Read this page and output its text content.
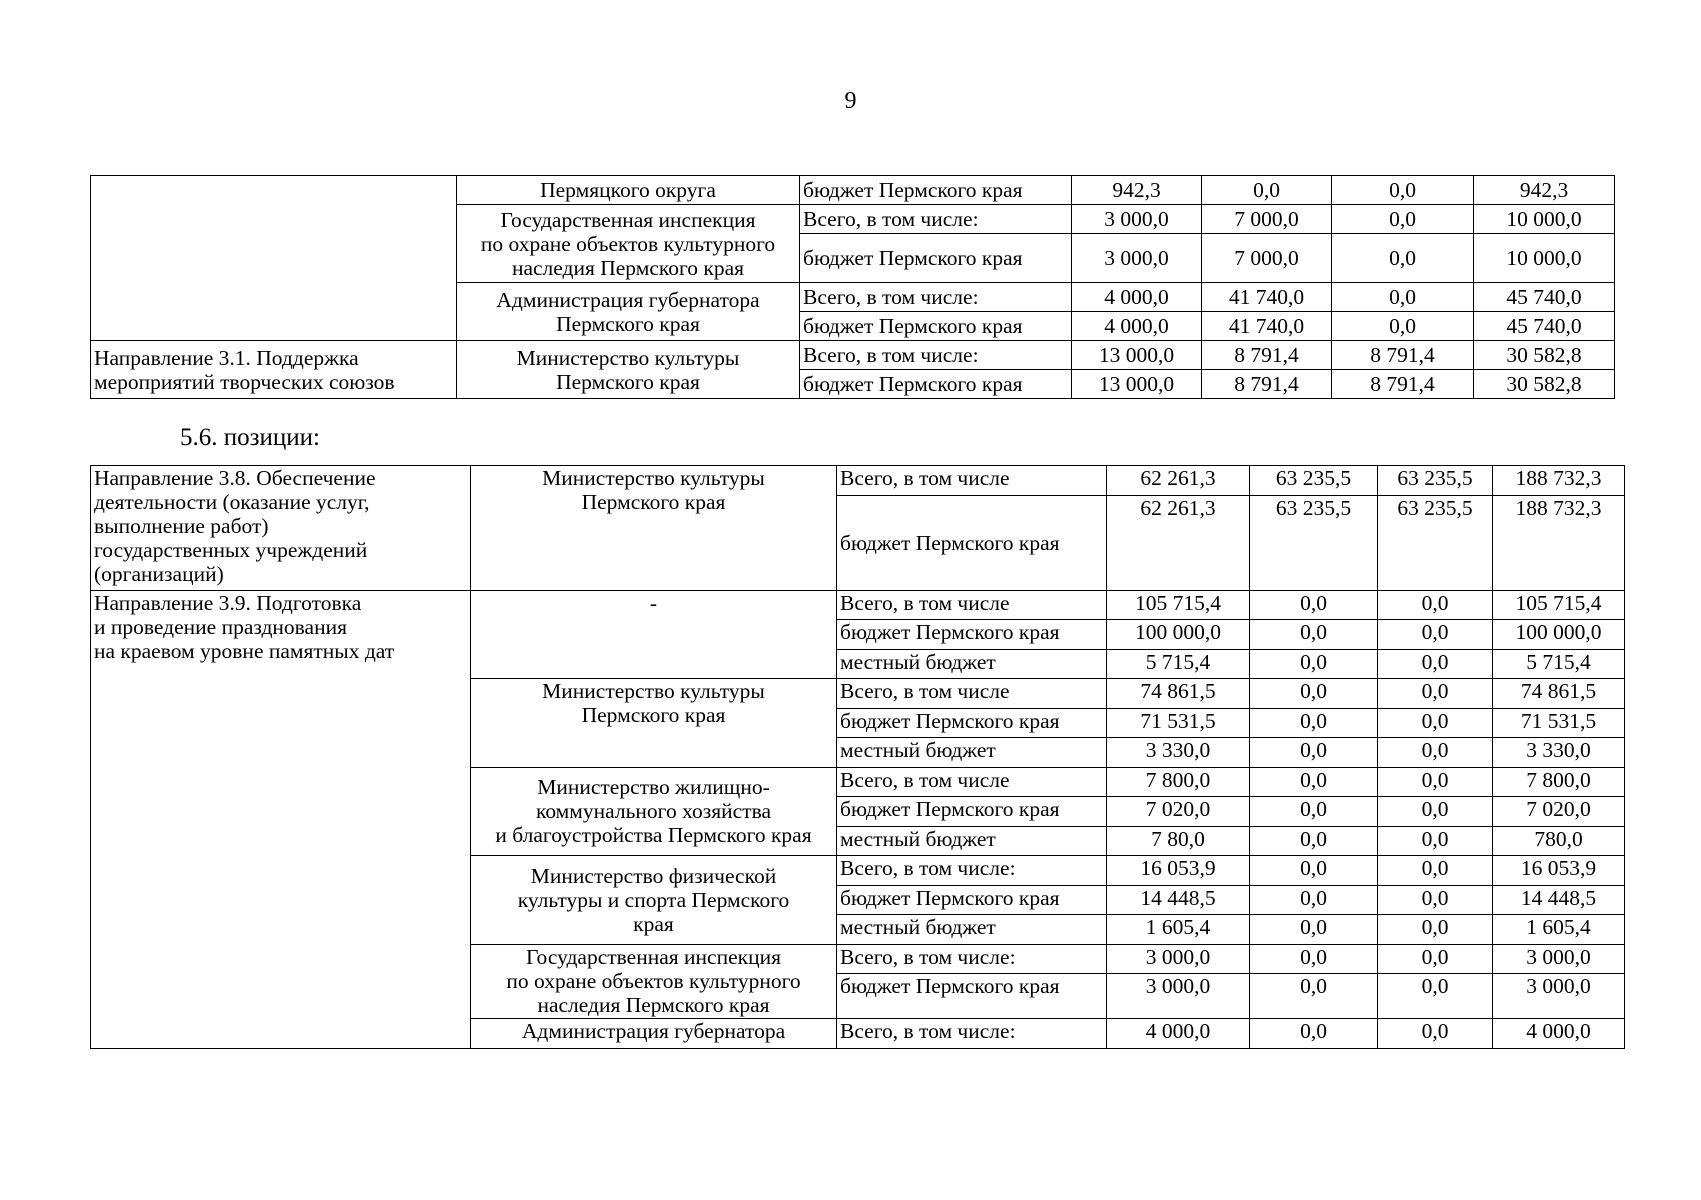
9
	Пермяцкого округа	бюджет Пермского края	942,3	0,0	0,0	942,3

	Государственная инспекция
по охране объектов культурного
наследия Пермского края	Всего, в том числе:	3 000,0	7 000,0	0,0	10 000,0
		бюджет Пермского края	3 000,0	7 000,0	0,0	10 000,0

	Администрация губернатора
Пермского края	Всего, в том числе:	4 000,0	41 740,0	0,0	45 740,0
		бюджет Пермского края	4 000,0	41 740,0	0,0	45 740,0

Направление 3.1. Поддержка
мероприятий творческих союзов	Министерство культуры
Пермского края	Всего, в том числе:	13 000,0	8 791,4	8 791,4	30 582,8
		бюджет Пермского края	13 000,0	8 791,4	8 791,4	30 582,8
5.6. позиции:
Направление 3.8. Обеспечение
деятельности (оказание услуг,
выполнение работ)
государственных учреждений
(организаций)	Министерство культуры
Пермского края	Всего, в том числе	62 261,3	63 235,5	63 235,5	188 732,3
		бюджет Пермского края	62 261,3	63 235,5	63 235,5	188 732,3

Направление 3.9. Подготовка
и проведение празднования
на краевом уровне памятных дат	-	Всего, в том числе	105 715,4	0,0	0,0	105 715,4
		бюджет Пермского края	100 000,0	0,0	0,0	100 000,0
		местный бюджет	5 715,4	0,0	0,0	5 715,4

	Министерство культуры
Пермского края	Всего, в том числе	74 861,5	0,0	0,0	74 861,5
		бюджет Пермского края	71 531,5	0,0	0,0	71 531,5
		местный бюджет	3 330,0	0,0	0,0	3 330,0

	Министерство жилищно-
коммунального хозяйства
и благоустройства Пермского края	Всего, в том числе	7 800,0	0,0	0,0	7 800,0
		бюджет Пермского края	7 020,0	0,0	0,0	7 020,0
		местный бюджет	7 80,0	0,0	0,0	780,0

	Министерство физической
культуры и спорта Пермского
края	Всего, в том числе:	16 053,9	0,0	0,0	16 053,9
		бюджет Пермского края	14 448,5	0,0	0,0	14 448,5
		местный бюджет	1 605,4	0,0	0,0	1 605,4

	Государственная инспекция
по охране объектов культурного
наследия Пермского края	Всего, в том числе:	3 000,0	0,0	0,0	3 000,0
		бюджет Пермского края	3 000,0	0,0	0,0	3 000,0
	Администрация губернатора	Всего, в том числе:	4 000,0	0,0	0,0	4 000,0
